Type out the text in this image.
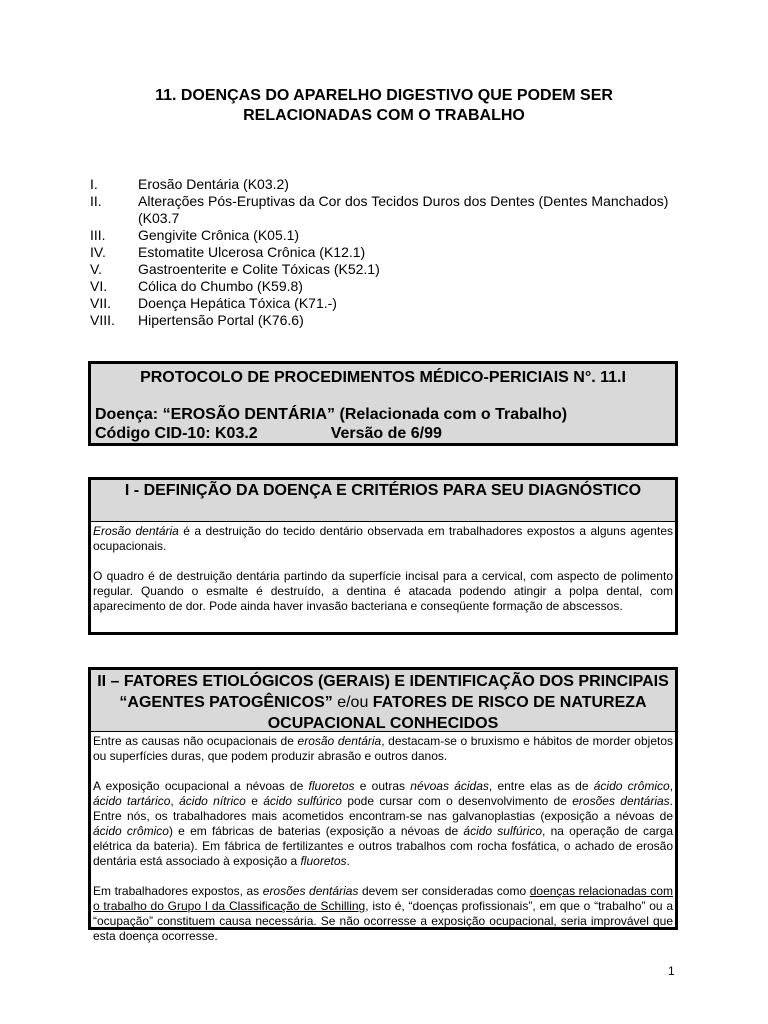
11. DOENÇAS DO APARELHO DIGESTIVO QUE PODEM SER
RELACIONADAS COM O TRABALHO
I.	Erosão Dentária (K03.2)
II.	Alterações Pós-Eruptivas da Cor dos Tecidos Duros dos Dentes (Dentes Manchados) (K03.7
III.	Gengivite Crônica (K05.1)
IV.	Estomatite Ulcerosa Crônica (K12.1)
V.	Gastroenterite e Colite Tóxicas (K52.1)
VI.	Cólica do Chumbo (K59.8)
VII.	Doença Hepática Tóxica (K71.-)
VIII.	Hipertensão Portal (K76.6)
PROTOCOLO DE PROCEDIMENTOS MÉDICO-PERICIAIS N°. 11.I
Doença: “EROSÃO DENTÁRIA” (Relacionada com o Trabalho)
Código CID-10: K03.2	Versão de 6/99
I - DEFINIÇÃO DA DOENÇA E CRITÉRIOS PARA SEU DIAGNÓSTICO

Erosão dentária é a destruição do tecido dentário observada em trabalhadores expostos a alguns agentes ocupacionais.

O quadro é de destruição dentária partindo da superfície incisal para a cervical, com aspecto de polimento regular. Quando o esmalte é destruído, a dentina é atacada podendo atingir a polpa dental, com aparecimento de dor. Pode ainda haver invasão bacteriana e conseqüente formação de abscessos.

II – FATORES ETIOLÓGICOS (GERAIS) E IDENTIFICAÇÃO DOS PRINCIPAIS “AGENTES PATOGÊNICOS” e/ou FATORES DE RISCO DE NATUREZA OCUPACIONAL CONHECIDOS

Entre as causas não ocupacionais de erosão dentária, destacam-se o bruxismo e hábitos de morder objetos ou superfícies duras, que podem produzir abrasão e outros danos.

A exposição ocupacional a névoas de fluoretos e outras névoas ácidas, entre elas as de ácido crômico, ácido tartárico, ácido nítrico e ácido sulfúrico pode cursar com o desenvolvimento de erosões dentárias. Entre nós, os trabalhadores mais acometidos encontram-se nas galvanoplastias (exposição a névoas de ácido crômico) e em fábricas de baterias (exposição a névoas de ácido sulfúrico, na operação de carga elétrica da bateria). Em fábrica de fertilizantes e outros trabalhos com rocha fosfática, o achado de erosão dentária está associado à exposição a fluoretos.

Em trabalhadores expostos, as erosões dentárias devem ser consideradas como doenças relacionadas com o trabalho do Grupo I da Classificação de Schilling, isto é, “doenças profissionais”, em que o “trabalho” ou a “ocupação” constituem causa necessária. Se não ocorresse a exposição ocupacional, seria improvável que esta doença ocorresse.

1
